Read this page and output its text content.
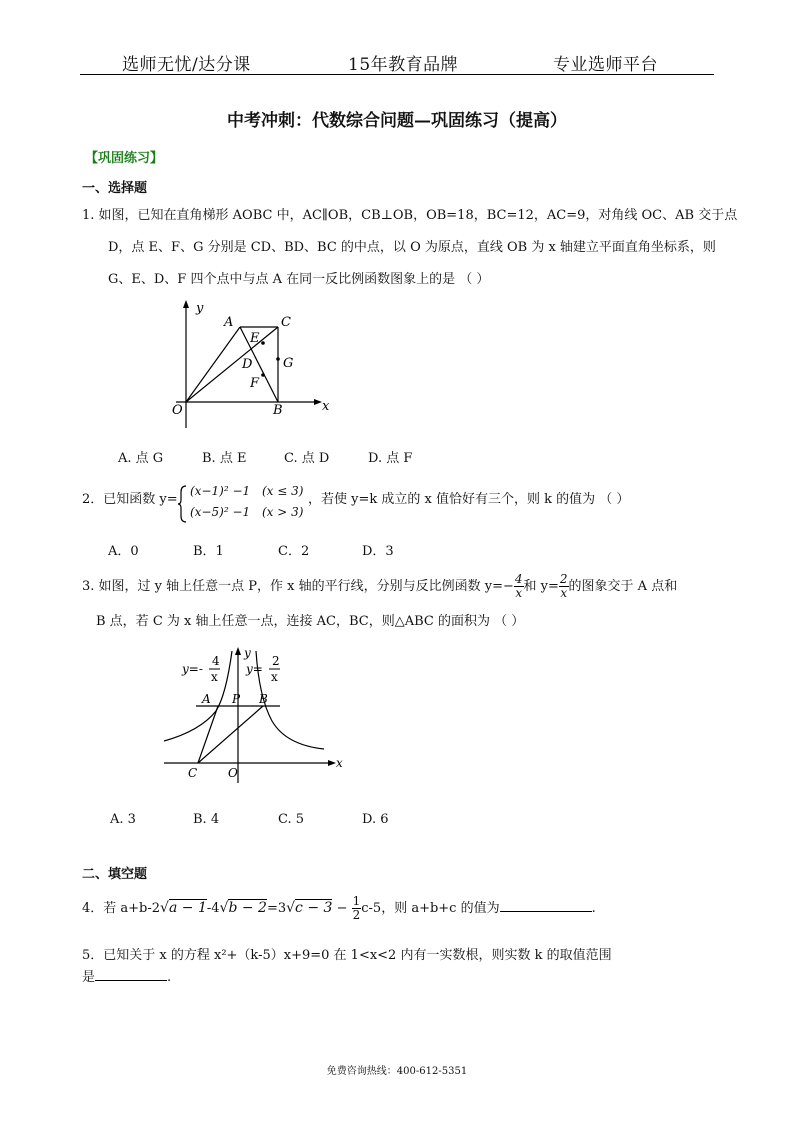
选师无忧/达分课	15年教育品牌	专业选师平台
中考冲刺：代数综合问题—巩固练习（提高）
【巩固练习】
一、选择题
1. 如图，已知在直角梯形 AOBC 中，AC∥OB，CB⊥OB，OB=18，BC=12，AC=9，对角线 OC、AB 交于点
D，点 E、F、G 分别是 CD、BD、BC 的中点，以 O 为原点，直线 OB 为 x 轴建立平面直角坐标系，则
G、E、D、F 四个点中与点 A 在同一反比例函数图象上的是 （ ）
y
x
O
A	C
B
D
E
F
G
A. 点 G	B. 点 E	C. 点 D	D. 点 F
2．已知函数 y=
(x−1)² −1 (x ≤ 3)
(x−5)² −1 (x > 3)
，若使 y=k 成立的 x 值恰好有三个，则 k 的值为 （ ）
A．0	B．1	C．2	D．3
3. 如图，过 y 轴上任意一点 P，作 x 轴的平行线，分别与反比例函数 $y=- \frac{4}{x}$ 和 $y= \frac{2}{x}$ 的图象交于 A 点和
B 点，若 C 为 x 轴上任意一点，连接 AC，BC，则△ABC 的面积为 （ ）
y=-
4
x
y=
2
x
y
x
A P B
C	O
A. 3	B. 4	C. 5	D. 6
二、填空题
4．若 $a+b-2√a - 1-4√b - 2=3√c - 3 - \frac{1}{2} c-5$，则 a+b+c 的值为	.
5．已知关于 x 的方程 x²+（k-5）x+9=0 在 1<x<2 内有一实数根，则实数 k 的取值范围
是	.
免费咨询热线：400-612-5351
